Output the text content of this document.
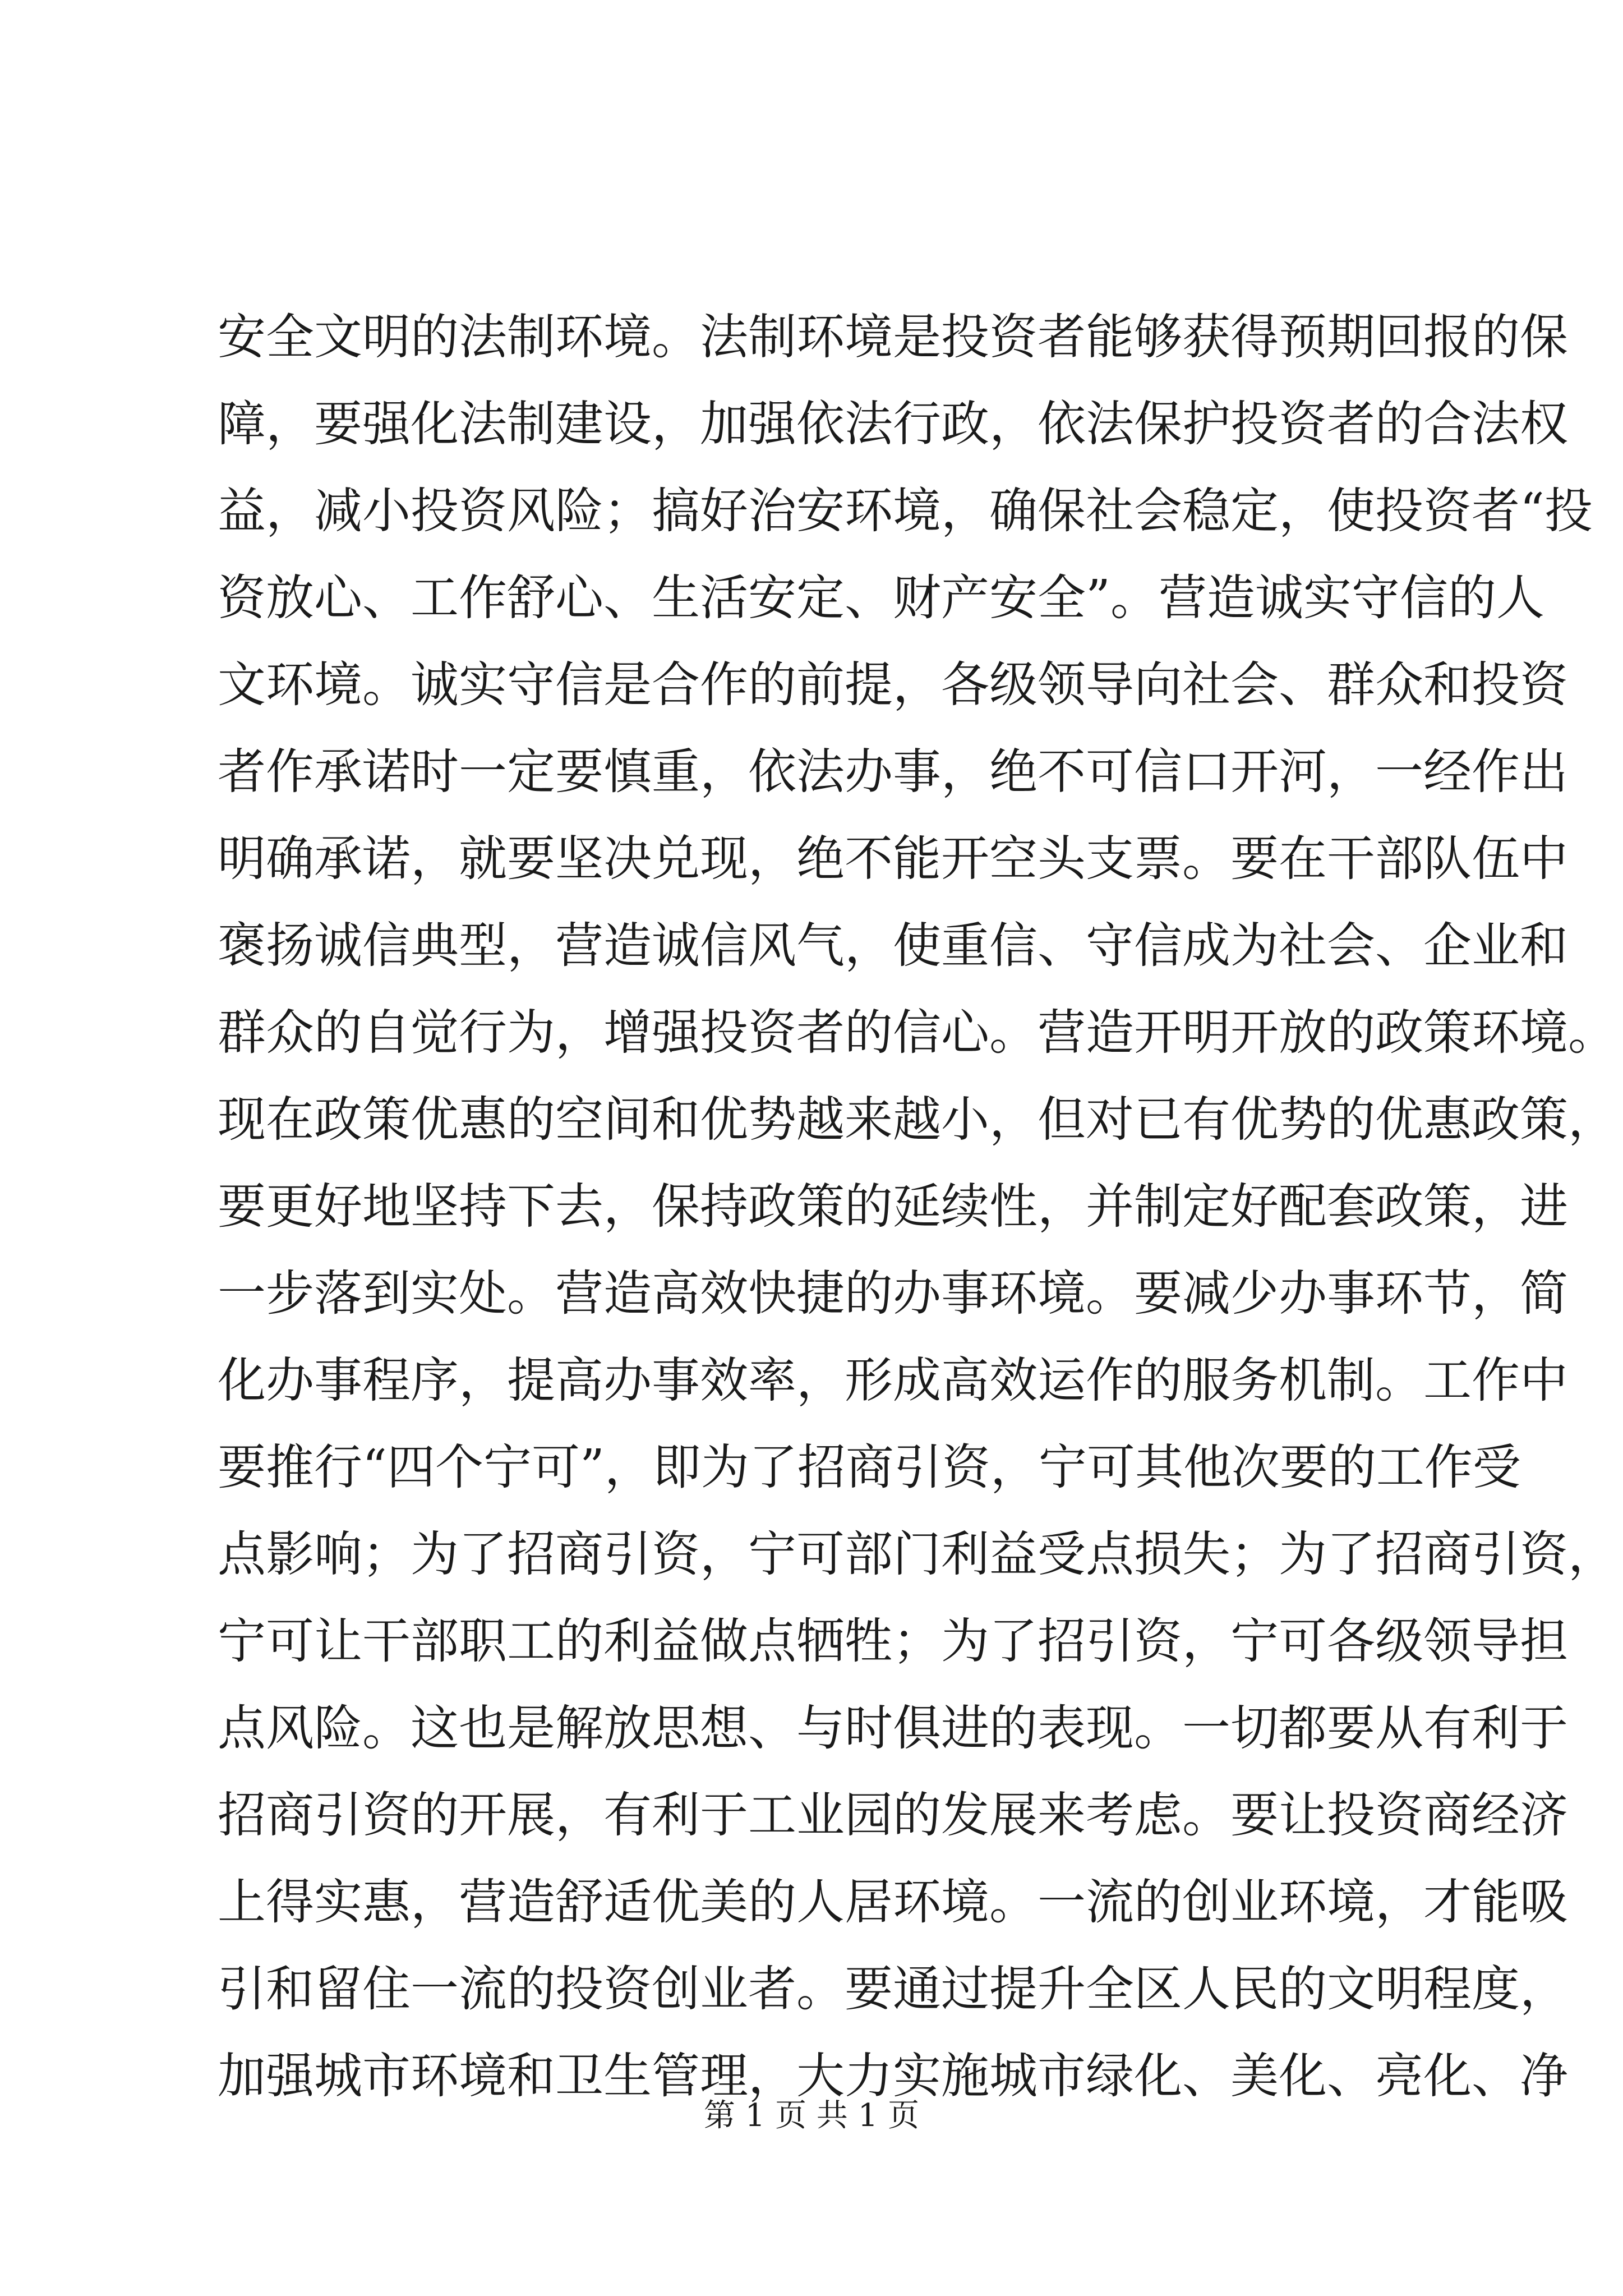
安全文明的法制环境。法制环境是投资者能够获得预期回报的保
障，要强化法制建设，加强依法行政，依法保护投资者的合法权
益，减小投资风险；搞好治安环境，确保社会稳定，使投资者“投
资放心、工作舒心、生活安定、财产安全”。营造诚实守信的人
文环境。诚实守信是合作的前提，各级领导向社会、群众和投资
者作承诺时一定要慎重，依法办事，绝不可信口开河，一经作出
明确承诺，就要坚决兑现，绝不能开空头支票。要在干部队伍中
褒扬诚信典型，营造诚信风气，使重信、守信成为社会、企业和
群众的自觉行为，增强投资者的信心。营造开明开放的政策环境。
现在政策优惠的空间和优势越来越小，但对已有优势的优惠政策，
要更好地坚持下去，保持政策的延续性，并制定好配套政策，进
一步落到实处。营造高效快捷的办事环境。要减少办事环节，简
化办事程序，提高办事效率，形成高效运作的服务机制。工作中
要推行“四个宁可”，即为了招商引资，宁可其他次要的工作受
点影响；为了招商引资，宁可部门利益受点损失；为了招商引资，
宁可让干部职工的利益做点牺牲；为了招引资，宁可各级领导担
点风险。这也是解放思想、与时俱进的表现。一切都要从有利于
招商引资的开展，有利于工业园的发展来考虑。要让投资商经济
上得实惠，营造舒适优美的人居环境。一流的创业环境，才能吸
引和留住一流的投资创业者。要通过提升全区人民的文明程度，
加强城市环境和卫生管理，大力实施城市绿化、美化、亮化、净
第 1 页 共 1 页
